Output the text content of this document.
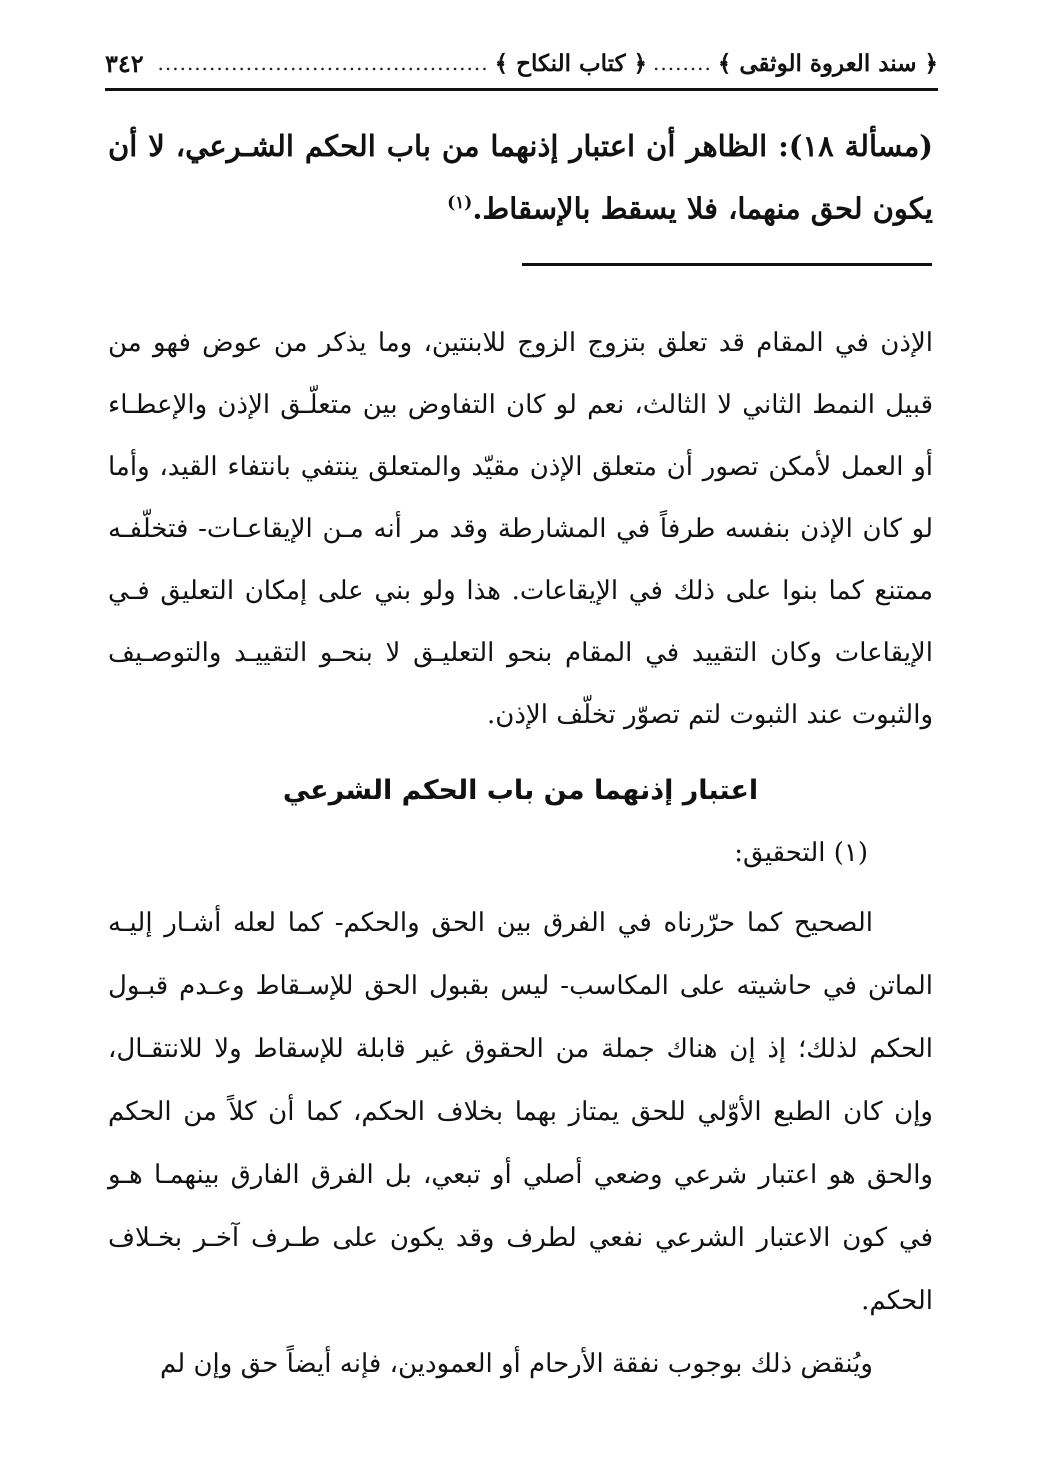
﴿ سند العروة الوثقى ﴾
........
﴿ كتاب النكاح ﴾
.............................................
٣٤٢
(مسألة ١٨): الظاهر أن اعتبار إذنهما من باب الحكم الشـرعي، لا أن يكون لحق منهما، فلا يسقط بالإسقاط.$^{(١)}$
الإذن في المقام قد تعلق بتزوج الزوج للابنتين، وما يذكر من عوض فهو من قبيل النمط الثاني لا الثالث، نعم لو كان التفاوض بين متعلّـق الإذن والإعطـاء أو العمل لأمكن تصور أن متعلق الإذن مقيّد والمتعلق ينتفي بانتفاء القيد، وأما لو كان الإذن بنفسه طرفاً في المشارطة وقد مر أنه مـن الإيقاعـات- فتخلّفـه ممتنع كما بنوا على ذلك في الإيقاعات. هذا ولو بني على إمكان التعليق فـي الإيقاعات وكان التقييد في المقام بنحو التعليـق لا بنحـو التقييـد والتوصـيف والثبوت عند الثبوت لتم تصوّر تخلّف الإذن.
اعتبار إذنهما من باب الحكم الشرعي
(١) التحقيق:

الصحيح كما حرّرناه في الفرق بين الحق والحكم- كما لعله أشـار إليـه الماتن في حاشيته على المكاسب- ليس بقبول الحق للإسـقاط وعـدم قبـول الحكم لذلك؛ إذ إن هناك جملة من الحقوق غير قابلة للإسقاط ولا للانتقـال، وإن كان الطبع الأوّلي للحق يمتاز بهما بخلاف الحكم، كما أن كلاً من الحكم والحق هو اعتبار شرعي وضعي أصلي أو تبعي، بل الفرق الفارق بينهمـا هـو في كون الاعتبار الشرعي نفعي لطرف وقد يكون على طـرف آخـر بخـلاف الحكم.

ويُنقض ذلك بوجوب نفقة الأرحام أو العمودين، فإنه أيضاً حق وإن لم
